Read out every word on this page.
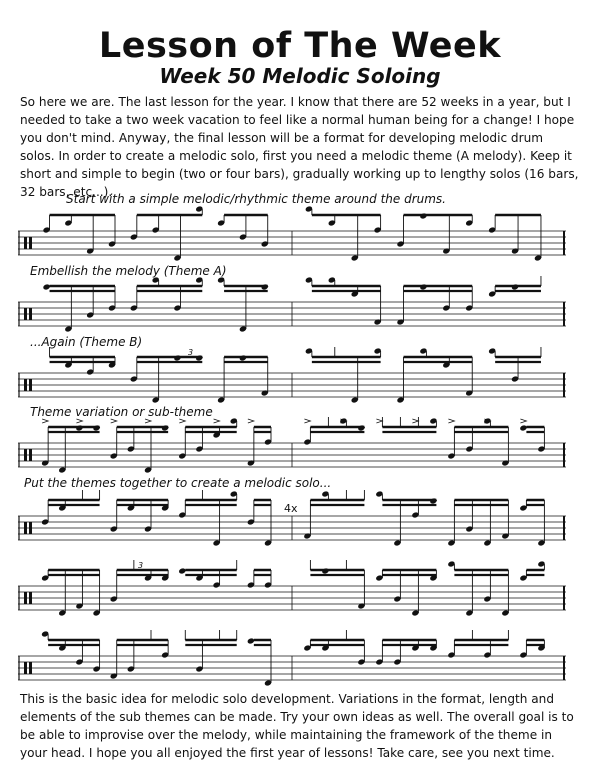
Lesson of The Week
Week 50 Melodic Soloing

So here we are. The last lesson for the year. I know that there are 52 weeks in a year, but I needed to take a two week vacation to feel like a normal human being for a change! I hope you don't mind. Anyway, the final lesson will be a format for developing melodic drum solos. In order to create a melodic solo, first you need a melodic theme (A melody). Keep it short and simple to begin (two or four bars), gradually working up to lengthy solos (16 bars, 32 bars, etc...).

Start with a simple melodic/rhythmic theme around the drums.
Embellish the melody (Theme A)
...Again (Theme B)
3
Theme variation or sub-theme
Put the themes together to create a melodic solo...
4x
3

This is the basic idea for melodic solo development. Variations in the format, length and elements of the sub themes can be made. Try your own ideas as well. The overall goal is to be able to improvise over the melody, while maintaining the framework of the theme in your head. I hope you all enjoyed the first year of lessons! Take care, see you next time.
